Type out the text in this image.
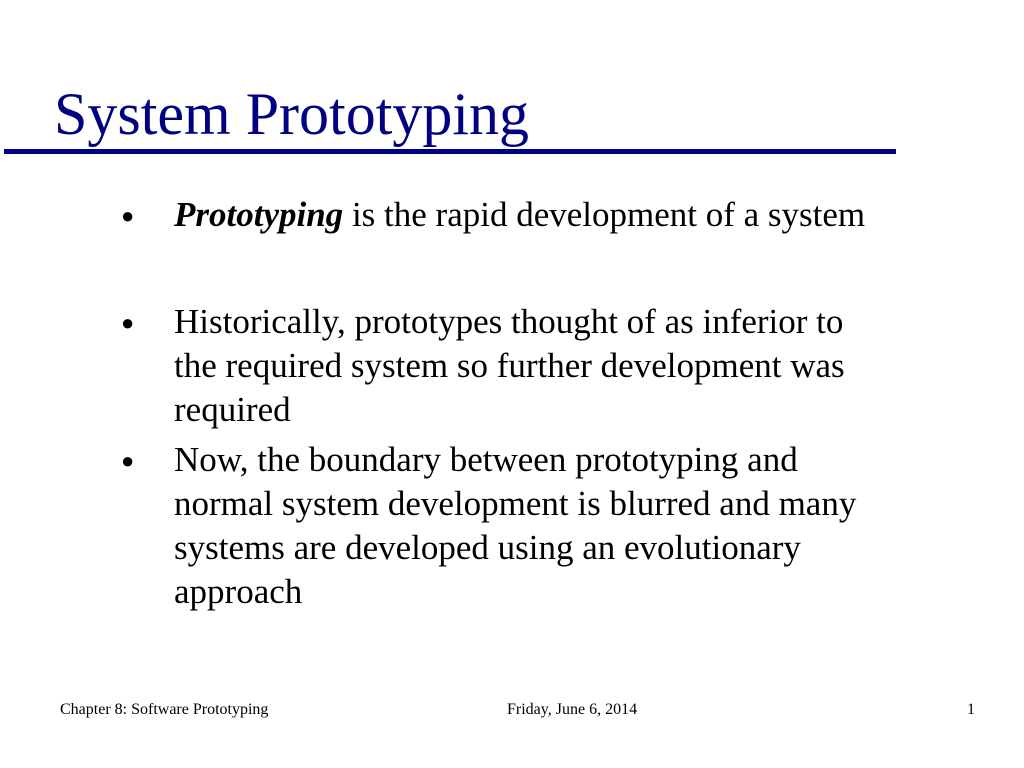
System Prototyping
● Prototyping is the rapid development of a system
● Historically, prototypes thought of as inferior to
the required system so further development was
required
● Now, the boundary between prototyping and
normal system development is blurred and many
systems are developed using an evolutionary
approach
Chapter 8: Software Prototyping	Friday, June 6, 2014	1
